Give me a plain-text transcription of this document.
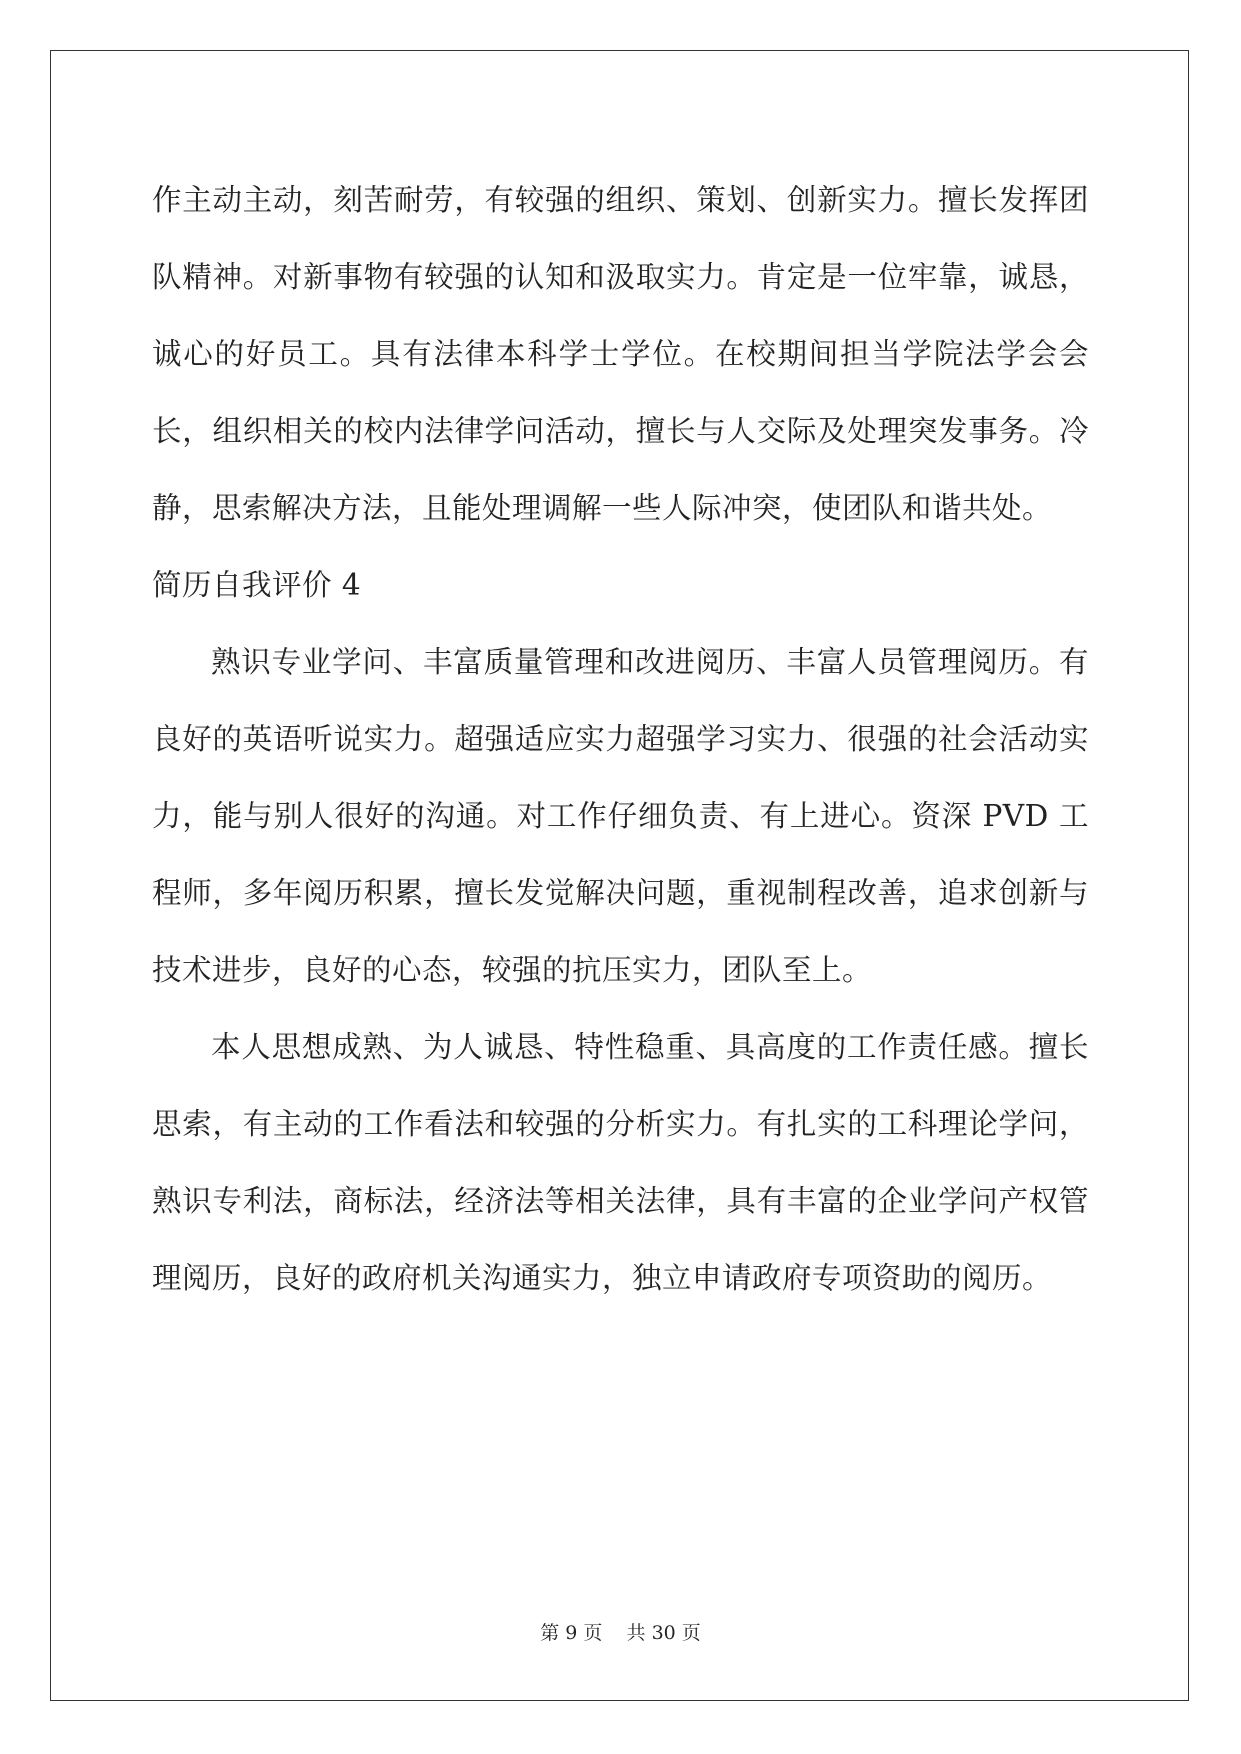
作主动主动，刻苦耐劳，有较强的组织、策划、创新实力。擅长发挥团队精神。对新事物有较强的认知和汲取实力。肯定是一位牢靠，诚恳，诚心的好员工。具有法律本科学士学位。在校期间担当学院法学会会长，组织相关的校内法律学问活动，擅长与人交际及处理突发事务。冷静，思索解决方法，且能处理调解一些人际冲突，使团队和谐共处。

简历自我评价 4

熟识专业学问、丰富质量管理和改进阅历、丰富人员管理阅历。有良好的英语听说实力。超强适应实力超强学习实力、很强的社会活动实力，能与别人很好的沟通。对工作仔细负责、有上进心。资深 PVD 工程师，多年阅历积累，擅长发觉解决问题，重视制程改善，追求创新与技术进步，良好的心态，较强的抗压实力，团队至上。

本人思想成熟、为人诚恳、特性稳重、具高度的工作责任感。擅长思索，有主动的工作看法和较强的分析实力。有扎实的工科理论学问，熟识专利法，商标法，经济法等相关法律，具有丰富的企业学问产权管理阅历，良好的政府机关沟通实力，独立申请政府专项资助的阅历。

第 9 页    共 30 页
